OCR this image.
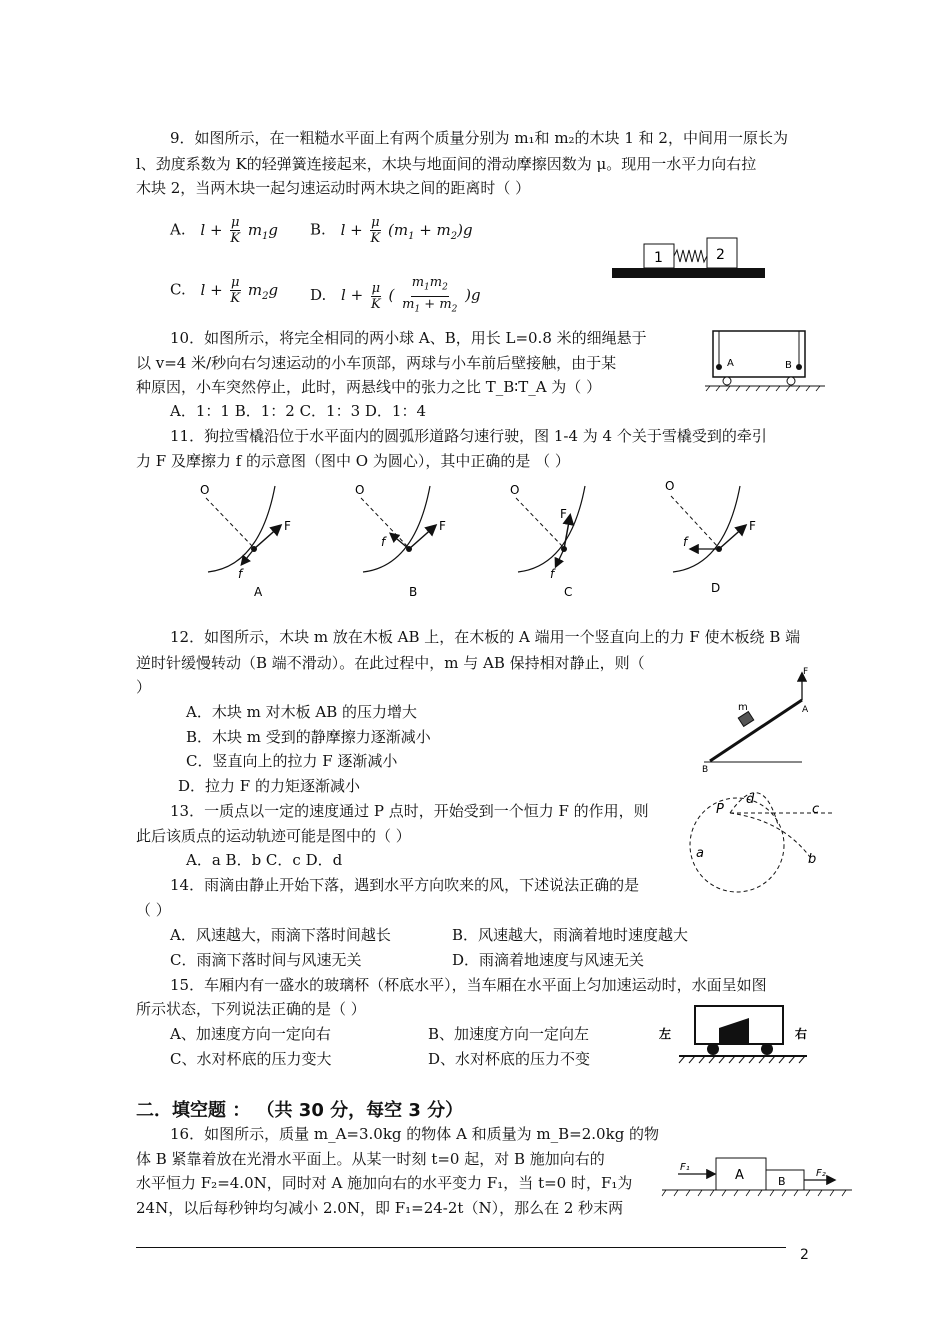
9．如图所示，在一粗糙水平面上有两个质量分别为 m₁和 m₂的木块 1 和 2，中间用一原长为
l、劲度系数为 K的轻弹簧连接起来，木块与地面间的滑动摩擦因数为 μ。现用一水平力向右拉
木块 2，当两木块一起匀速运动时两木块之间的距离时（ ）
A. $l + \frac{\mu}{K} m_1g$ B. $l + \frac{\mu}{K} (m_1 + m_2)g$
C. $l + \frac{\mu}{K} m_2g$ D. $l + \frac{\mu}{K}$ ( $\frac{m_1m_2}{m_1 + m_2} )g$
1	2
10．如图所示，将完全相同的两小球 A、B，用长 L=0.8 米的细绳悬于
以 v=4 米/秒向右匀速运动的小车顶部，两球与小车前后壁接触，由于某
种原因，小车突然停止，此时，两悬线中的张力之比 T_B∶T_A 为（ ）
A．1：1 B．1：2 C．1：3 D．1：4
A	B
11．狗拉雪橇沿位于水平面内的圆弧形道路匀速行驶，图 1-4 为 4 个关于雪橇受到的牵引
力 F 及摩擦力 f 的示意图（图中 O 为圆心），其中正确的是 （ ）
O
F
f
A
O
F
f
B
O
F
f
C
O
F
f
D
12．如图所示，木块 m 放在木板 AB 上，在木板的 A 端用一个竖直向上的力 F 使木板绕 B 端
逆时针缓慢转动（B 端不滑动）。在此过程中，m 与 AB 保持相对静止，则（
）
A．木块 m 对木板 AB 的压力增大
B．木块 m 受到的静摩擦力逐渐减小
C．竖直向上的拉力 F 逐渐减小
D．拉力 F 的力矩逐渐减小
F
A
B
m
13．一质点以一定的速度通过 P 点时，开始受到一个恒力 F 的作用，则
此后该质点的运动轨迹可能是图中的（ ）
A．a B．b C．c D．d
P
d
c
a	b
14．雨滴由静止开始下落，遇到水平方向吹来的风，下述说法正确的是
（ ）
A．风速越大，雨滴下落时间越长	B．风速越大，雨滴着地时速度越大
C．雨滴下落时间与风速无关	D．雨滴着地速度与风速无关
15．车厢内有一盛水的玻璃杯（杯底水平），当车厢在水平面上匀加速运动时，水面呈如图
所示状态，下列说法正确的是（ ）
A、加速度方向一定向右	B、加速度方向一定向左
C、水对杯底的压力变大	D、水对杯底的压力不变
左	右
二．填空题 ： （共 30 分，每空 3 分）
16．如图所示，质量 m_A=3.0kg 的物体 A 和质量为 m_B=2.0kg 的物
体 B 紧靠着放在光滑水平面上。从某一时刻 t=0 起，对 B 施加向右的
水平恒力 F₂=4.0N，同时对 A 施加向右的水平变力 F₁，当 t=0 时，F₁为
24N，以后每秒钟均匀减小 2.0N，即 F₁=24-2t（N），那么在 2 秒末两
A	B
F₁
F₂
2
